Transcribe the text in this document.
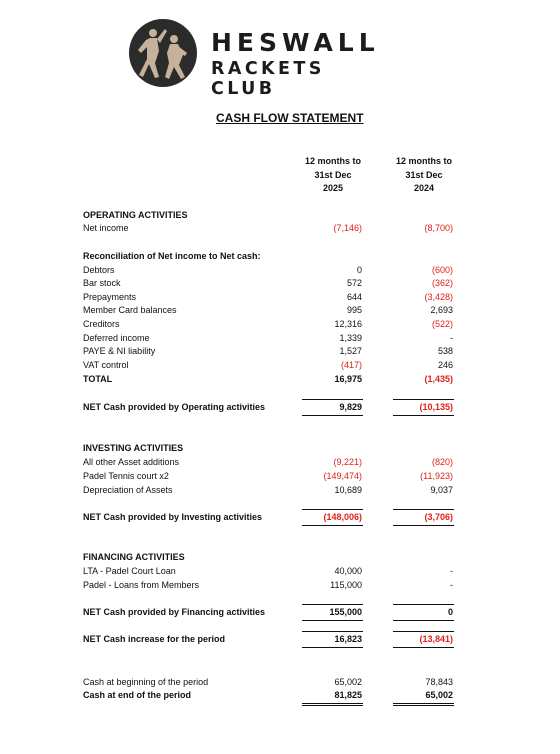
HESWALL
RACKETS CLUB
CASH FLOW STATEMENT
12 months to
31st Dec
2025
12 months to
31st Dec
2024
OPERATING ACTIVITIES
Net income	(7,146)	(8,700)
Reconciliation of Net income to Net cash:
Debtors	0	(600)
Bar stock	572	(362)
Prepayments	644	(3,428)
Member Card balances	995	2,693
Creditors	12,316	(522)
Deferred income	1,339	-
PAYE & NI liability	1,527	538
VAT control	(417)	246
TOTAL	16,975	(1,435)
NET Cash provided by Operating activities	9,829	(10,135)
INVESTING ACTIVITIES
All other Asset additions	(9,221)	(820)
Padel Tennis court x2	(149,474)	(11,923)
Depreciation of Assets	10,689	9,037
NET Cash provided by Investing activities	(148,006)	(3,706)
FINANCING ACTIVITIES
LTA - Padel Court Loan	40,000	-
Padel - Loans from Members	115,000	-
NET Cash provided by Financing activities	155,000	0
NET Cash increase for the period	16,823	(13,841)
Cash at beginning of the period	65,002	78,843
Cash at end of the period	81,825	65,002
